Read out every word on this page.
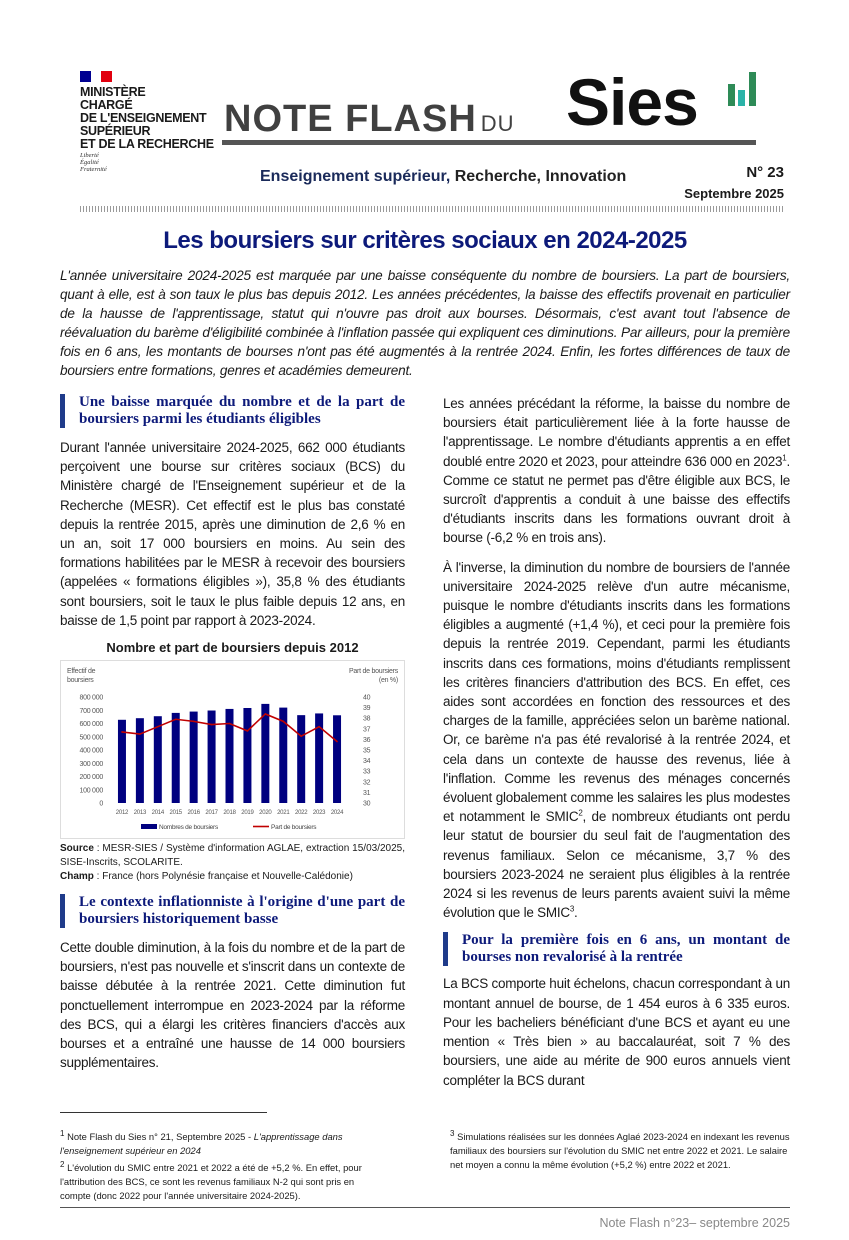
MINISTÈRE
CHARGÉ
DE L'ENSEIGNEMENT
SUPÉRIEUR
ET DE LA RECHERCHE
Liberté
Égalité
Fraternité
NOTE FLASH DU Sies
Enseignement supérieur, Recherche, Innovation	N° 23
Septembre 2025
Les boursiers sur critères sociaux en 2024-2025
L'année universitaire 2024-2025 est marquée par une baisse conséquente du nombre de boursiers. La part de boursiers, quant à elle, est à son taux le plus bas depuis 2012. Les années précédentes, la baisse des effectifs provenait en particulier de la hausse de l'apprentissage, statut qui n'ouvre pas droit aux bourses. Désormais, c'est avant tout l'absence de réévaluation du barème d'éligibilité combinée à l'inflation passée qui expliquent ces diminutions. Par ailleurs, pour la première fois en 6 ans, les montants de bourses n'ont pas été augmentés à la rentrée 2024. Enfin, les fortes différences de taux de boursiers entre formations, genres et académies demeurent.
Une baisse marquée du nombre et de la part de boursiers parmi les étudiants éligibles

Durant l'année universitaire 2024-2025, 662 000 étudiants perçoivent une bourse sur critères sociaux (BCS) du Ministère chargé de l'Enseignement supérieur et de la Recherche (MESR). Cet effectif est le plus bas constaté depuis la rentrée 2015, après une diminution de 2,6 % en un an, soit 17 000 boursiers en moins. Au sein des formations habilitées par le MESR à recevoir des boursiers (appelées « formations éligibles »), 35,8 % des étudiants sont boursiers, soit le taux le plus faible depuis 12 ans, en baisse de 1,5 point par rapport à 2023-2024.

Nombre et part de boursiers depuis 2012
Effectif de
boursiers
Part de boursiers
(en %)
0
100 000
200 000
300 000
400 000
500 000
600 000
700 000
800 000
30
31
32
33
34
35
36
37
38
39
40
2012 2013 2014 2015 2016 2017 2018 2019 2020 2021 2022 2023 2024
Nombres de boursiers	Part de boursiers
Source : MESR-SIES / Système d'information AGLAE, extraction 15/03/2025, SISE-Inscrits, SCOLARITE.
Champ : France (hors Polynésie française et Nouvelle-Calédonie)
Le contexte inflationniste à l'origine d'une part de boursiers historiquement basse

Cette double diminution, à la fois du nombre et de la part de boursiers, n'est pas nouvelle et s'inscrit dans un contexte de baisse débutée à la rentrée 2021. Cette diminution fut ponctuellement interrompue en 2023-2024 par la réforme des BCS, qui a élargi les critères financiers d'accès aux bourses et a entraîné une hausse de 14 000 boursiers supplémentaires.

Les années précédant la réforme, la baisse du nombre de boursiers était particulièrement liée à la forte hausse de l'apprentissage. Le nombre d'étudiants apprentis a en effet doublé entre 2020 et 2023, pour atteindre 636 000 en 2023$^1$. Comme ce statut ne permet pas d'être éligible aux BCS, le surcroît d'apprentis a conduit à une baisse des effectifs d'étudiants inscrits dans les formations ouvrant droit à bourse (-6,2 % en trois ans).

À l'inverse, la diminution du nombre de boursiers de l'année universitaire 2024-2025 relève d'un autre mécanisme, puisque le nombre d'étudiants inscrits dans les formations éligibles a augmenté (+1,4 %), et ceci pour la première fois depuis la rentrée 2019. Cependant, parmi les étudiants inscrits dans ces formations, moins d'étudiants remplissent les critères financiers d'attribution des BCS. En effet, ces aides sont accordées en fonction des ressources et des charges de la famille, appréciées selon un barème national. Or, ce barème n'a pas été revalorisé à la rentrée 2024, et cela dans un contexte de hausse des revenus, liée à l'inflation. Comme les revenus des ménages concernés évoluent globalement comme les salaires les plus modestes et notamment le SMIC$^2$, de nombreux étudiants ont perdu leur statut de boursier du seul fait de l'augmentation des revenus familiaux. Selon ce mécanisme, 3,7 % des boursiers 2023-2024 ne seraient plus éligibles à la rentrée 2024 si les revenus de leurs parents avaient suivi la même évolution que le SMIC$^3$.

Pour la première fois en 6 ans, un montant de bourses non revalorisé à la rentrée

La BCS comporte huit échelons, chacun correspondant à un montant annuel de bourse, de 1 454 euros à 6 335 euros. Pour les bacheliers bénéficiant d'une BCS et ayant eu une mention « Très bien » au baccalauréat, soit 7 % des boursiers, une aide au mérite de 900 euros annuels vient compléter la BCS durant

$^1$ Note Flash du Sies n° 21, Septembre 2025 - L'apprentissage dans l'enseignement supérieur en 2024
$^2$ L'évolution du SMIC entre 2021 et 2022 a été de +5,2 %. En effet, pour l'attribution des BCS, ce sont les revenus familiaux N-2 qui sont pris en compte (donc 2022 pour l'année universitaire 2024-2025).
$^3$ Simulations réalisées sur les données Aglaé 2023-2024 en indexant les revenus familiaux des boursiers sur l'évolution du SMIC net entre 2022 et 2021. Le salaire net moyen a connu la même évolution (+5,2 %) entre 2022 et 2021.
Note Flash n°23– septembre 2025
